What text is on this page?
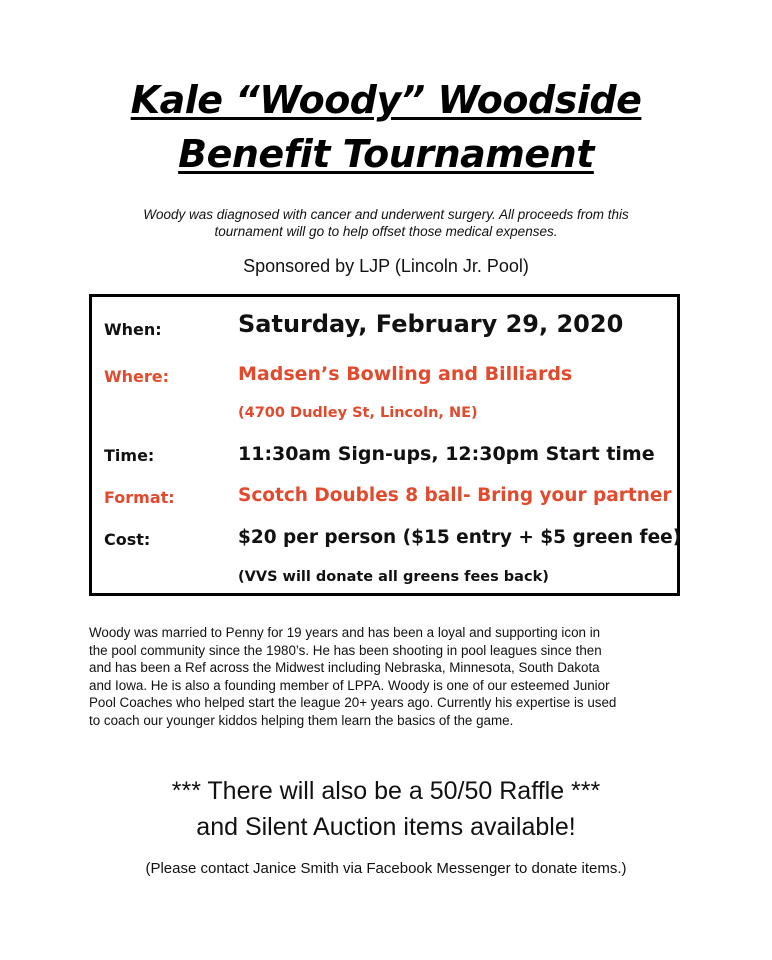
Kale “Woody” Woodside
Benefit Tournament
Woody was diagnosed with cancer and underwent surgery. All proceeds from this
tournament will go to help offset those medical expenses.
Sponsored by LJP (Lincoln Jr. Pool)
When:	Saturday, February 29, 2020
Where:	Madsen’s Bowling and Billiards
(4700 Dudley St, Lincoln, NE)
Time:	11:30am Sign-ups, 12:30pm Start time
Format:	Scotch Doubles 8 ball- Bring your partner
Cost:	$20 per person ($15 entry + $5 green fee)
(VVS will donate all greens fees back)
Woody was married to Penny for 19 years and has been a loyal and supporting icon in
the pool community since the 1980’s. He has been shooting in pool leagues since then
and has been a Ref across the Midwest including Nebraska, Minnesota, South Dakota
and Iowa. He is also a founding member of LPPA. Woody is one of our esteemed Junior
Pool Coaches who helped start the league 20+ years ago. Currently his expertise is used
to coach our younger kiddos helping them learn the basics of the game.
*** There will also be a 50/50 Raffle ***
and Silent Auction items available!
(Please contact Janice Smith via Facebook Messenger to donate items.)
